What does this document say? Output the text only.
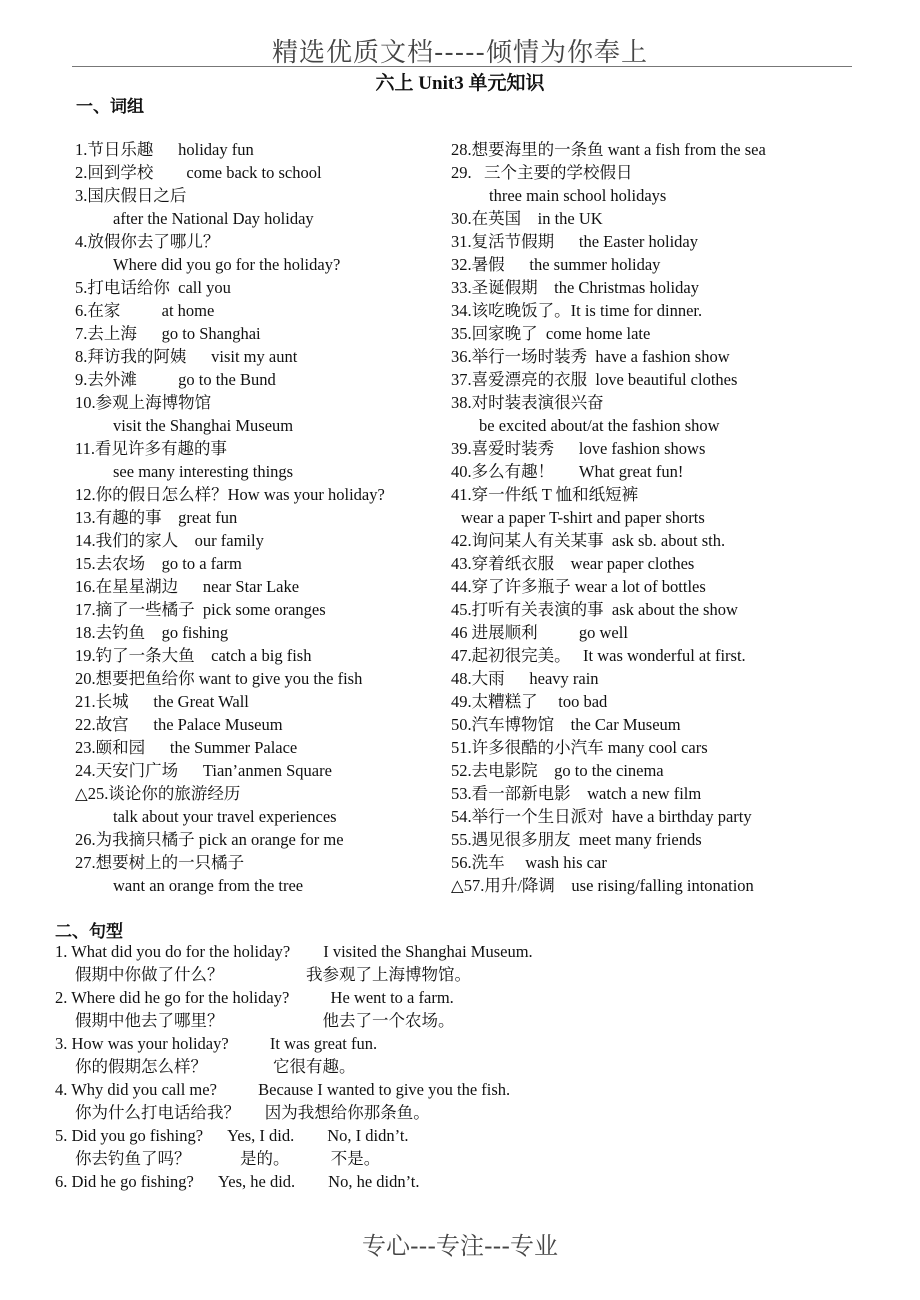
精选优质文档-----倾情为你奉上
六上 Unit3 单元知识
一、词组
1.节日乐趣      holiday fun
2.回到学校        come back to school
3.国庆假日之后
after the National Day holiday
4.放假你去了哪儿？
Where did you go for the holiday?
5.打电话给你  call you
6.在家          at home
7.去上海      go to Shanghai
8.拜访我的阿姨      visit my aunt
9.去外滩          go to the Bund
10.参观上海博物馆
visit the Shanghai Museum
11.看见许多有趣的事
see many interesting things
12.你的假日怎么样？How was your holiday?
13.有趣的事    great fun
14.我们的家人    our family
15.去农场    go to a farm
16.在星星湖边      near Star Lake
17.摘了一些橘子  pick some oranges
18.去钓鱼    go fishing
19.钓了一条大鱼    catch a big fish
20.想要把鱼给你 want to give you the fish
21.长城      the Great Wall
22.故宫      the Palace Museum
23.颐和园      the Summer Palace
24.天安门广场      Tian’anmen Square
△25.谈论你的旅游经历
talk about your travel experiences
26.为我摘只橘子 pick an orange for me
27.想要树上的一只橘子
want an orange from the tree
28.想要海里的一条鱼 want a fish from the sea
29.   三个主要的学校假日
three main school holidays
30.在英国    in the UK
31.复活节假期      the Easter holiday
32.暑假      the summer holiday
33.圣诞假期    the Christmas holiday
34.该吃晚饭了。It is time for dinner.
35.回家晚了  come home late
36.举行一场时装秀  have a fashion show
37.喜爱漂亮的衣服  love beautiful clothes
38.对时装表演很兴奋
be excited about/at the fashion show
39.喜爱时装秀      love fashion shows
40.多么有趣！      What great fun!
41.穿一件纸 T 恤和纸短裤
wear a paper T-shirt and paper shorts
42.询问某人有关某事  ask sb. about sth.
43.穿着纸衣服    wear paper clothes
44.穿了许多瓶子 wear a lot of bottles
45.打听有关表演的事  ask about the show
46 进展顺利          go well
47.起初很完美。   It was wonderful at first.
48.大雨      heavy rain
49.太糟糕了     too bad
50.汽车博物馆    the Car Museum
51.许多很酷的小汽车 many cool cars
52.去电影院    go to the cinema
53.看一部新电影    watch a new film
54.举行一个生日派对  have a birthday party
55.遇见很多朋友  meet many friends
56.洗车     wash his car
△57.用升/降调    use rising/falling intonation
二、句型
1. What did you do for the holiday?        I visited the Shanghai Museum.
假期中你做了什么？                    我参观了上海博物馆。
2. Where did he go for the holiday?          He went to a farm.
假期中他去了哪里？                        他去了一个农场。
3. How was your holiday?          It was great fun.
你的假期怎么样？                它很有趣。
4. Why did you call me?          Because I wanted to give you the fish.
你为什么打电话给我？      因为我想给你那条鱼。
5. Did you go fishing?      Yes, I did.        No, I didn’t.
你去钓鱼了吗？            是的。          不是。
6. Did he go fishing?      Yes, he did.        No, he didn’t.
专心---专注---专业
